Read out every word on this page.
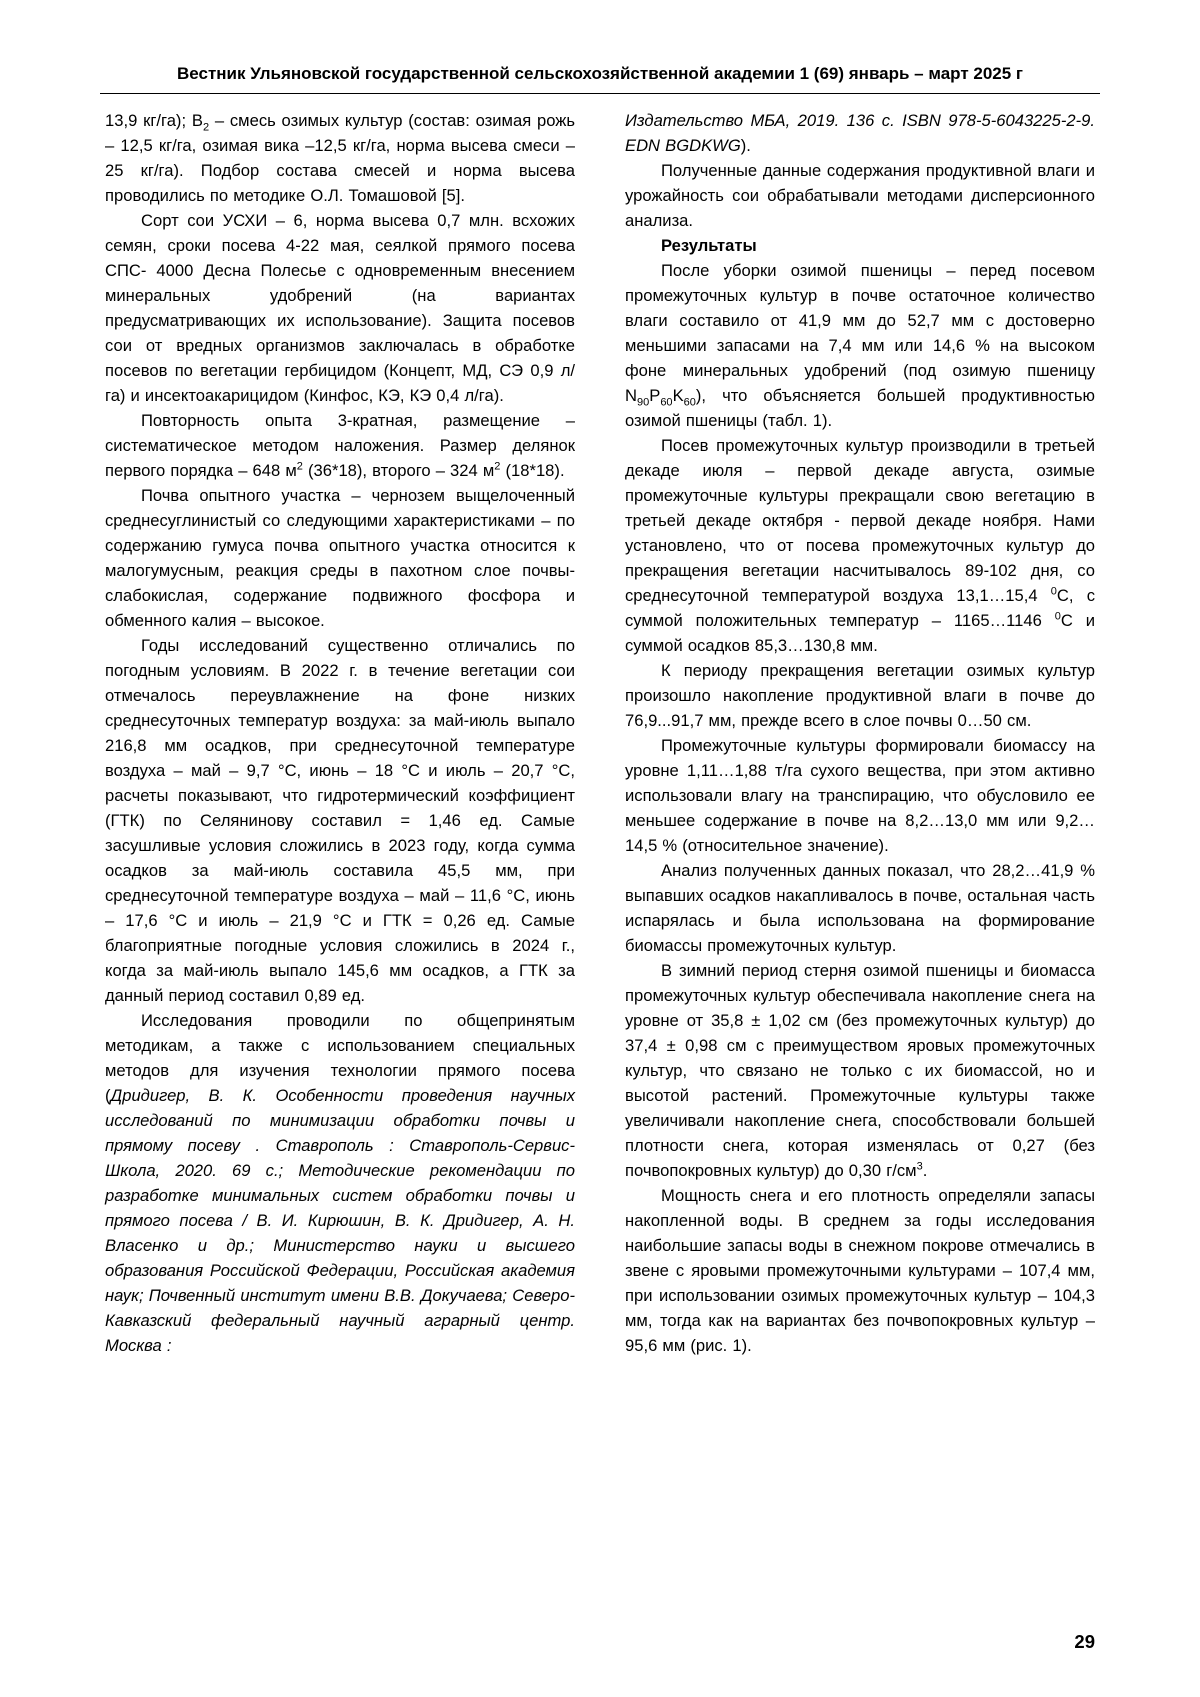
Вестник Ульяновской государственной сельскохозяйственной академии 1 (69) январь – март 2025 г

13,9 кг/га); $В_2$ – смесь озимых культур (состав: озимая рожь – 12,5 кг/га, озимая вика –12,5 кг/га, норма высева смеси – 25 кг/га). Подбор состава смесей и норма высева проводились по методике О.Л. Томашовой [5].

Сорт сои УСХИ – 6, норма высева 0,7 млн. всхожих семян, сроки посева 4-22 мая, сеялкой прямого посева СПС- 4000 Десна Полесье с одновременным внесением минеральных удобрений (на вариантах предусматривающих их использование). Защита посевов сои от вредных организмов заключалась в обработке посевов по вегетации гербицидом (Концепт, МД, СЭ 0,9 л/га) и инсектоакарицидом (Кинфос, КЭ, КЭ 0,4 л/га).

Повторность опыта 3-кратная, размещение – систематическое методом наложения. Размер делянок первого порядка – 648 $м^2$ (36*18), второго – 324 $м^2$ (18*18).

Почва опытного участка – чернозем выщелоченный среднесуглинистый со следующими характеристиками – по содержанию гумуса почва опытного участка относится к малогумусным, реакция среды в пахотном слое почвы-слабокислая, содержание подвижного фосфора и обменного калия – высокое.

Годы исследований существенно отличались по погодным условиям. В 2022 г. в течение вегетации сои отмечалось переувлажнение на фоне низких среднесуточных температур воздуха: за май-июль выпало 216,8 мм осадков, при среднесуточной температуре воздуха – май – 9,7 °С, июнь – 18 °С и июль – 20,7 °С, расчеты показывают, что гидротермический коэффициент (ГТК) по Селянинову составил = 1,46 ед. Самые засушливые условия сложились в 2023 году, когда сумма осадков за май-июль составила 45,5 мм, при среднесуточной температуре воздуха – май – 11,6 °С, июнь – 17,6 °С и июль – 21,9 °С и ГТК = 0,26 ед. Самые благоприятные погодные условия сложились в 2024 г., когда за май-июль выпало 145,6 мм осадков, а ГТК за данный период составил 0,89 ед.

Исследования проводили по общепринятым методикам, а также с использованием специальных методов для изучения технологии прямого посева (Дридигер, В. К. Особенности проведения научных исследований по минимизации обработки почвы и прямому посеву . Ставрополь : Ставрополь-Сервис-Школа, 2020. 69 с.; Методические рекомендации по разработке минимальных систем обработки почвы и прямого посева / В. И. Кирюшин, В. К. Дридигер, А. Н. Власенко и др.; Министерство науки и высшего образования Российской Федерации, Российская академия наук; Почвенный институт имени В.В. Докучаева; Северо-Кавказский федеральный научный аграрный центр. Москва :

Издательство МБА, 2019. 136 с. ISBN 978-5-6043225-2-9. EDN BGDKWG).

Полученные данные содержания продуктивной влаги и урожайность сои обрабатывали методами дисперсионного анализа.

Результаты

После уборки озимой пшеницы – перед посевом промежуточных культур в почве остаточное количество влаги составило от 41,9 мм до 52,7 мм с достоверно меньшими запасами на 7,4 мм или 14,6 % на высоком фоне минеральных удобрений (под озимую пшеницу $N_{90}P_{60}K_{60}$), что объясняется большей продуктивностью озимой пшеницы (табл. 1).

Посев промежуточных культур производили в третьей декаде июля – первой декаде августа, озимые промежуточные культуры прекращали свою вегетацию в третьей декаде октября - первой декаде ноября. Нами установлено, что от посева промежуточных культур до прекращения вегетации насчитывалось 89-102 дня, со среднесуточной температурой воздуха 13,1…15,4 $^0$С, с суммой положительных температур – 1165…1146 $^0$С и суммой осадков 85,3…130,8 мм.

К периоду прекращения вегетации озимых культур произошло накопление продуктивной влаги в почве до 76,9...91,7 мм, прежде всего в слое почвы 0…50 см.

Промежуточные культуры формировали биомассу на уровне 1,11…1,88 т/га сухого вещества, при этом активно использовали влагу на транспирацию, что обусловило ее меньшее содержание в почве на 8,2…13,0 мм или 9,2…14,5 % (относительное значение).

Анализ полученных данных показал, что 28,2…41,9 % выпавших осадков накапливалось в почве, остальная часть испарялась и была использована на формирование биомассы промежуточных культур.

В зимний период стерня озимой пшеницы и биомасса промежуточных культур обеспечивала накопление снега на уровне от 35,8 ± 1,02 см (без промежуточных культур) до 37,4 ± 0,98 см с преимуществом яровых промежуточных культур, что связано не только с их биомассой, но и высотой растений. Промежуточные культуры также увеличивали накопление снега, способствовали большей плотности снега, которая изменялась от 0,27 (без почвопокровных культур) до 0,30 $г/см^3$.

Мощность снега и его плотность определяли запасы накопленной воды. В среднем за годы исследования наибольшие запасы воды в снежном покрове отмечались в звене с яровыми промежуточными культурами – 107,4 мм, при использовании озимых промежуточных культур – 104,3 мм, тогда как на вариантах без почвопокровных культур – 95,6 мм (рис. 1).

29
